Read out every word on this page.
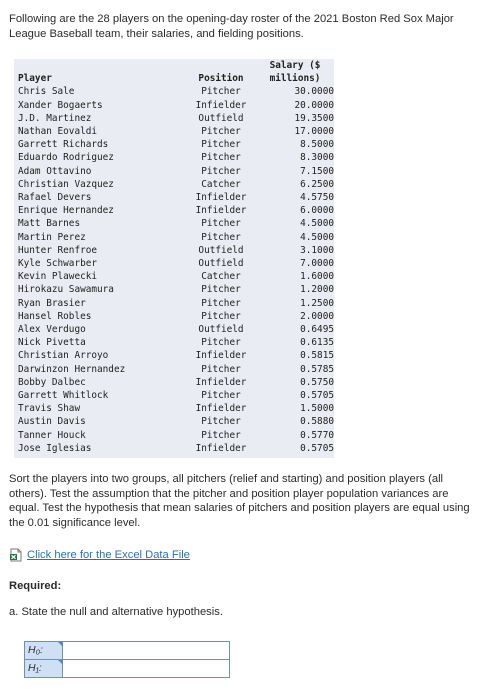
Following are the 28 players on the opening-day roster of the 2021 Boston Red Sox Major League Baseball team, their salaries, and fielding positions.

Player	Position	Salary ($
millions)

Chris Sale	Pitcher	30.0000
Xander Bogaerts	Infielder	20.0000
J.D. Martinez	Outfield	19.3500
Nathan Eovaldi	Pitcher	17.0000
Garrett Richards	Pitcher	8.5000
Eduardo Rodriguez	Pitcher	8.3000
Adam Ottavino	Pitcher	7.1500
Christian Vazquez	Catcher	6.2500
Rafael Devers	Infielder	4.5750
Enrique Hernandez	Infielder	6.0000
Matt Barnes	Pitcher	4.5000
Martin Perez	Pitcher	4.5000
Hunter Renfroe	Outfield	3.1000
Kyle Schwarber	Outfield	7.0000
Kevin Plawecki	Catcher	1.6000
Hirokazu Sawamura	Pitcher	1.2000
Ryan Brasier	Pitcher	1.2500
Hansel Robles	Pitcher	2.0000
Alex Verdugo	Outfield	0.6495
Nick Pivetta	Pitcher	0.6135
Christian Arroyo	Infielder	0.5815
Darwinzon Hernandez	Pitcher	0.5785
Bobby Dalbec	Infielder	0.5750
Garrett Whitlock	Pitcher	0.5705
Travis Shaw	Infielder	1.5000
Austin Davis	Pitcher	0.5880
Tanner Houck	Pitcher	0.5770
Jose Iglesias	Infielder	0.5705

Sort the players into two groups, all pitchers (relief and starting) and position players (all others). Test the assumption that the pitcher and position player population variances are equal. Test the hypothesis that mean salaries of pitchers and position players are equal using the 0.01 significance level.

Click here for the Excel Data File

Required:

a. State the null and alternative hypothesis.

H₀:
H₁:
